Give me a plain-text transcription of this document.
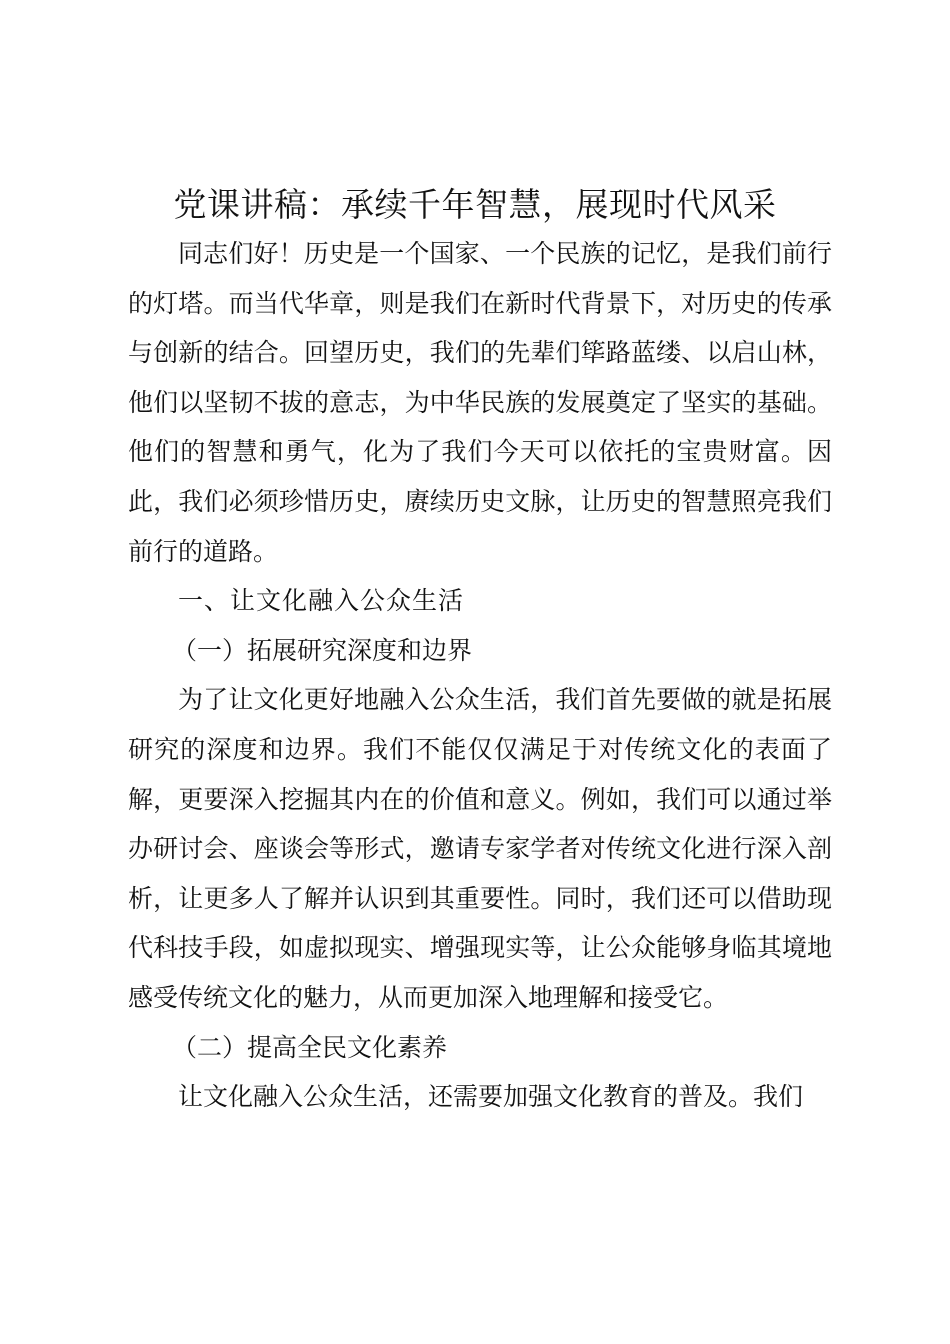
党课讲稿：承续千年智慧，展现时代风采

同志们好！历史是一个国家、一个民族的记忆，是我们前行的灯塔。而当代华章，则是我们在新时代背景下，对历史的传承与创新的结合。回望历史，我们的先辈们筚路蓝缕、以启山林，他们以坚韧不拔的意志，为中华民族的发展奠定了坚实的基础。他们的智慧和勇气，化为了我们今天可以依托的宝贵财富。因此，我们必须珍惜历史，赓续历史文脉，让历史的智慧照亮我们前行的道路。

一、让文化融入公众生活

（一）拓展研究深度和边界

为了让文化更好地融入公众生活，我们首先要做的就是拓展研究的深度和边界。我们不能仅仅满足于对传统文化的表面了解，更要深入挖掘其内在的价值和意义。例如，我们可以通过举办研讨会、座谈会等形式，邀请专家学者对传统文化进行深入剖析，让更多人了解并认识到其重要性。同时，我们还可以借助现代科技手段，如虚拟现实、增强现实等，让公众能够身临其境地感受传统文化的魅力，从而更加深入地理解和接受它。

（二）提高全民文化素养

让文化融入公众生活，还需要加强文化教育的普及。我们
